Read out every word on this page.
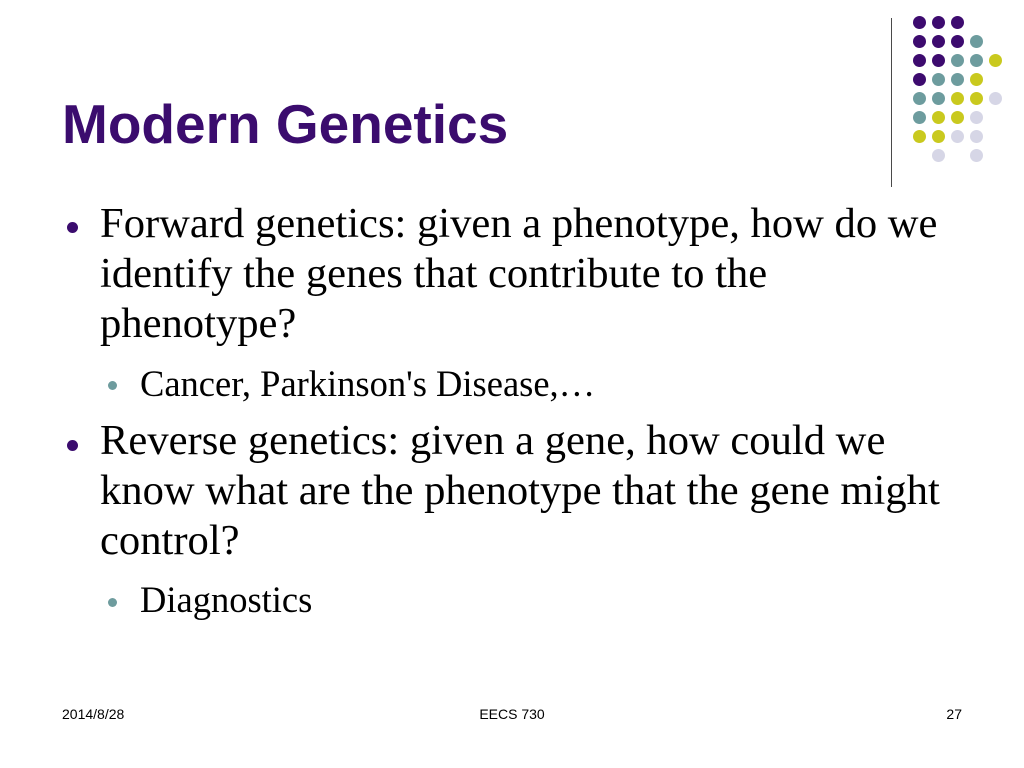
Modern Genetics
Forward genetics: given a phenotype, how do we identify the genes that contribute to the phenotype?
Cancer, Parkinson's Disease,…
Reverse genetics: given a gene, how could we know what are the phenotype that the gene might control?
Diagnostics
2014/8/28	EECS 730	27
